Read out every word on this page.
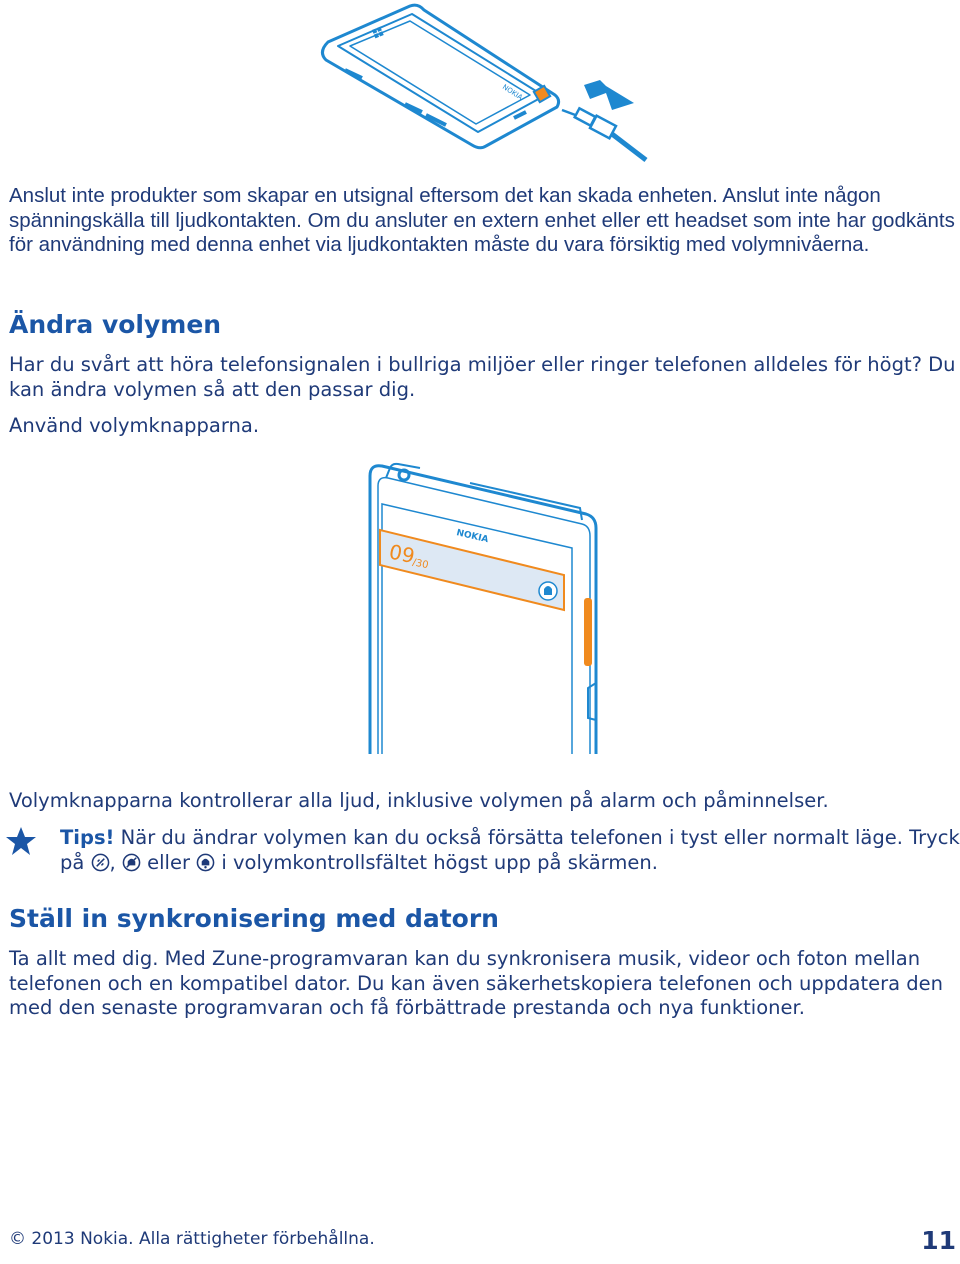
NOKIA

Anslut inte produkter som skapar en utsignal eftersom det kan skada enheten. Anslut inte någon spänningskälla till ljudkontakten. Om du ansluter en extern enhet eller ett headset som inte har godkänts för användning med denna enhet via ljudkontakten måste du vara försiktig med volymnivåerna.

Ändra volymen

Har du svårt att höra telefonsignalen i bullriga miljöer eller ringer telefonen alldeles för högt? Du kan ändra volymen så att den passar dig.

Använd volymknapparna.

NOKIA
09
/30

Volymknapparna kontrollerar alla ljud, inklusive volymen på alarm och påminnelser.

Tips! När du ändrar volymen kan du också försätta telefonen i tyst eller normalt läge. Tryck på ,  eller  i volymkontrollsfältet högst upp på skärmen.

Ställ in synkronisering med datorn

Ta allt med dig. Med Zune-programvaran kan du synkronisera musik, videor och foton mellan telefonen och en kompatibel dator. Du kan även säkerhetskopiera telefonen och uppdatera den med den senaste programvaran och få förbättrade prestanda och nya funktioner.

© 2013 Nokia. Alla rättigheter förbehållna.	11
